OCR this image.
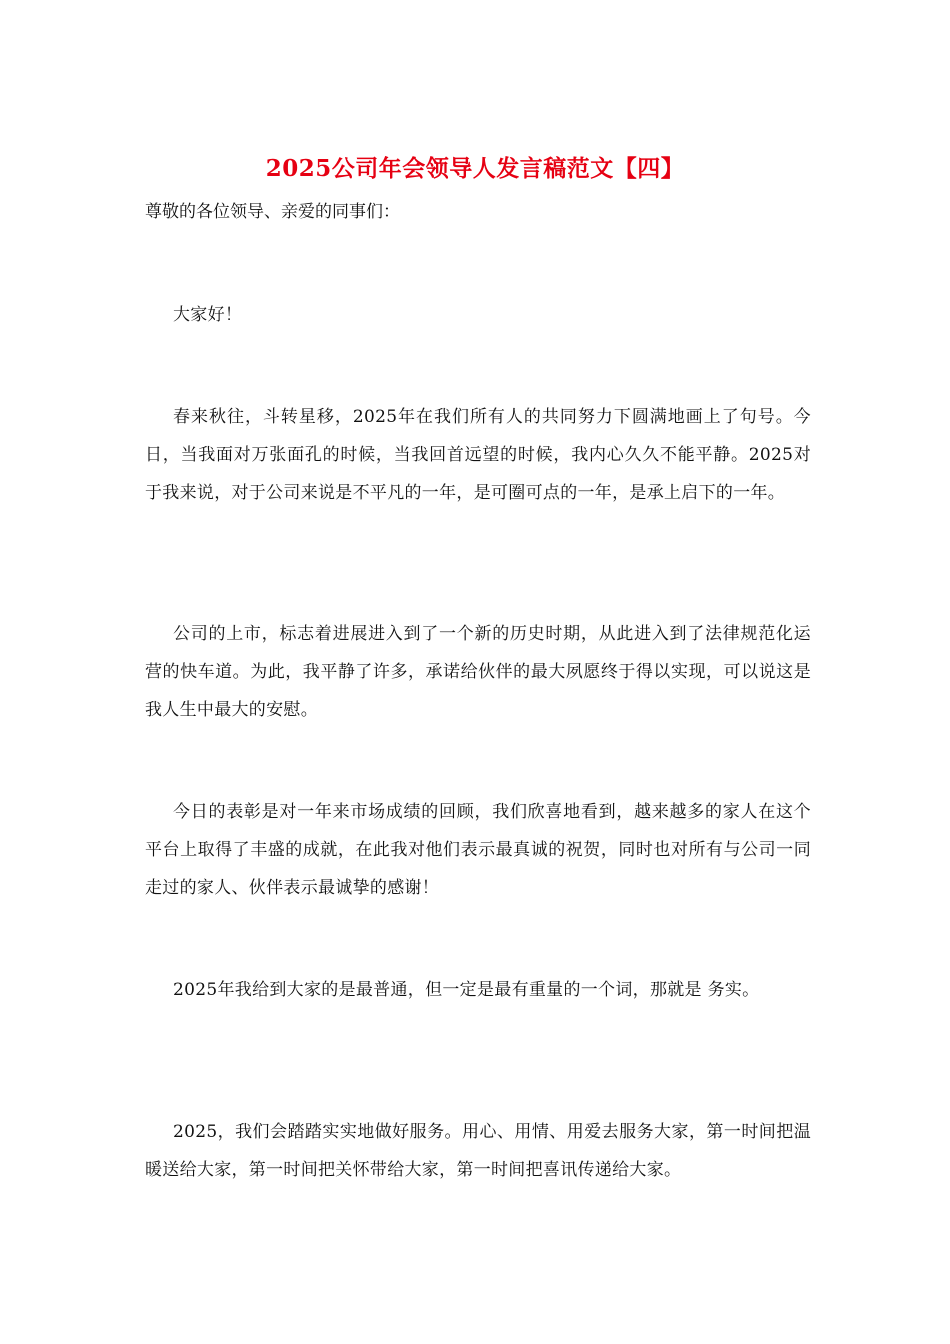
2025公司年会领导人发言稿范文【四】
尊敬的各位领导、亲爱的同事们：
大家好！
春来秋往，斗转星移，2025年在我们所有人的共同努力下圆满地画上了句号。今日，当我面对万张面孔的时候，当我回首远望的时候，我内心久久不能平静。2025对于我来说，对于公司来说是不平凡的一年，是可圈可点的一年，是承上启下的一年。
公司的上市，标志着进展进入到了一个新的历史时期，从此进入到了法律规范化运营的快车道。为此，我平静了许多，承诺给伙伴的最大夙愿终于得以实现，可以说这是我人生中最大的安慰。
今日的表彰是对一年来市场成绩的回顾，我们欣喜地看到，越来越多的家人在这个平台上取得了丰盛的成就，在此我对他们表示最真诚的祝贺，同时也对所有与公司一同走过的家人、伙伴表示最诚挚的感谢！
2025年我给到大家的是最普通，但一定是最有重量的一个词，那就是 务实。
2025，我们会踏踏实实地做好服务。用心、用情、用爱去服务大家，第一时间把温暖送给大家，第一时间把关怀带给大家，第一时间把喜讯传递给大家。
